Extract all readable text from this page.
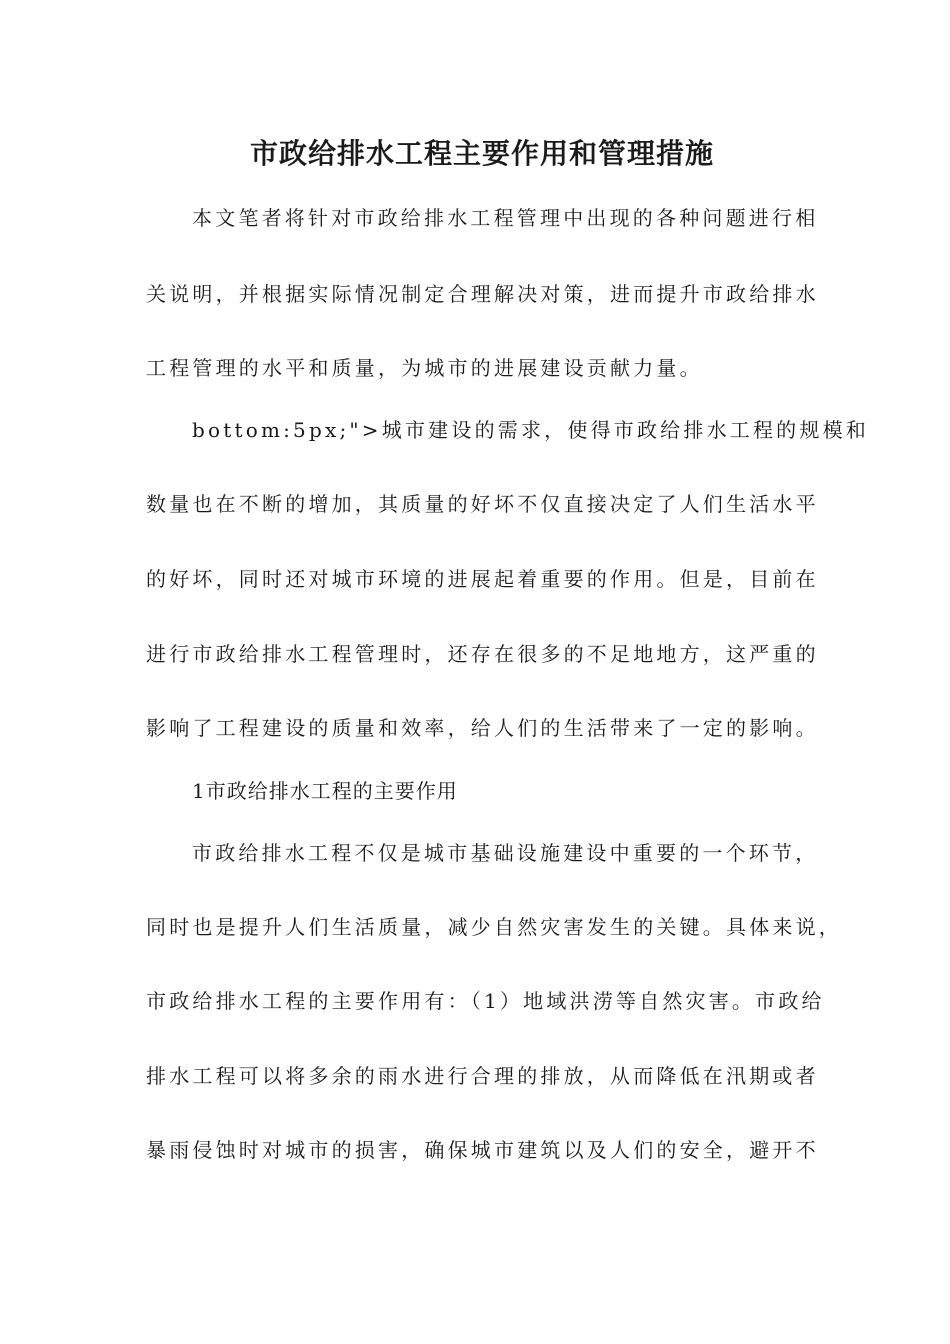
市政给排水工程主要作用和管理措施
本文笔者将针对市政给排水工程管理中出现的各种问题进行相
关说明，并根据实际情况制定合理解决对策，进而提升市政给排水
工程管理的水平和质量，为城市的进展建设贡献力量。
bottom:5px;">城市建设的需求，使得市政给排水工程的规模和
数量也在不断的增加，其质量的好坏不仅直接决定了人们生活水平
的好坏，同时还对城市环境的进展起着重要的作用。但是，目前在
进行市政给排水工程管理时，还存在很多的不足地地方，这严重的
影响了工程建设的质量和效率，给人们的生活带来了一定的影响。
1市政给排水工程的主要作用
市政给排水工程不仅是城市基础设施建设中重要的一个环节，
同时也是提升人们生活质量，减少自然灾害发生的关键。具体来说，
市政给排水工程的主要作用有：（1）地域洪涝等自然灾害。市政给
排水工程可以将多余的雨水进行合理的排放，从而降低在汛期或者
暴雨侵蚀时对城市的损害，确保城市建筑以及人们的安全，避开不
